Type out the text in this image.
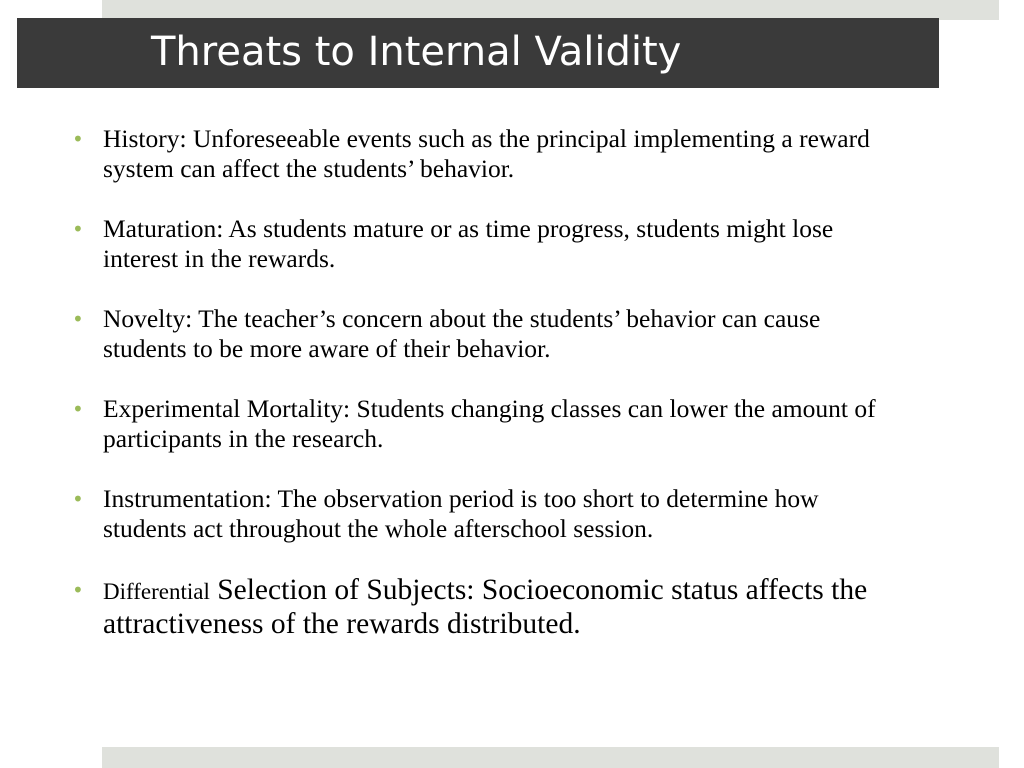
Threats to Internal Validity
• History: Unforeseeable events such as the principal implementing a reward system can affect the students’ behavior.
• Maturation: As students mature or as time progress, students might lose interest in the rewards.
• Novelty: The teacher’s concern about the students’ behavior can cause students to be more aware of their behavior.
• Experimental Mortality: Students changing classes can lower the amount of participants in the research.
• Instrumentation: The observation period is too short to determine how students act throughout the whole afterschool session.
• Differential Selection of Subjects: Socioeconomic status affects the attractiveness of the rewards distributed.
